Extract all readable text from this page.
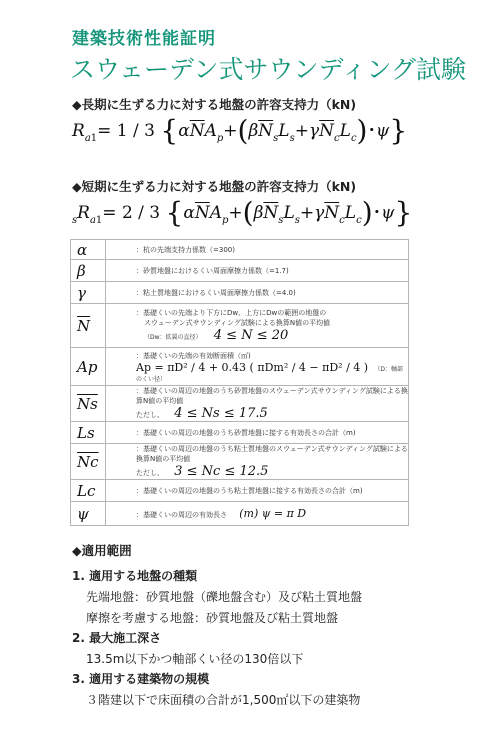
建築技術性能証明
スウェーデン式サウンディング試験
◆長期に生ずる力に対する地盤の許容支持力（kN)
$R_{a1}= 1 / 3$ {$\alpha\overline{N}A_p+(\beta\overline{N}_sL_s+\gamma\overline{N}_cL_c)$･ψ}
◆短期に生ずる力に対する地盤の許容支持力（kN)
$_sR_{a1}= 2 / 3$ {$\alpha\overline{N}A_p+(\beta\overline{N}_sL_s+\gamma\overline{N}_cL_c)$･ψ}
α	：杭の先端支持力係数（=300)
β	：砂質地盤におけるくい周面摩擦力係数（=1.7)
γ	：粘土質地盤におけるくい周面摩擦力係数（=4.0)
$\overline{N}$	：基礎くいの先端より下方にDw、上方にDwの範囲の地盤の
スウェーデン式サウンディング試験による換算N値の平均値
（Dw：拡翼の直径） 4 ≤ N ≤ 20

Ap	：基礎くいの先端の有効断面積（㎡)
Ap = πD² / 4 + 0.43 ( πDm² / 4 − πD² / 4 ) （D：軸部のくい径）

$\overline{Ns}$	：基礎くいの周辺の地盤のうち砂質地盤のスウェーデン式サウンディング試験による換算N値の平均値
ただし、 4 ≤ Ns ≤ 17.5

Ls	：基礎くいの周辺の地盤のうち砂質地盤に接する有効長さの合計（m)
$\overline{Nc}$	：基礎くいの周辺の地盤のうち粘土質地盤のスウェーデン式サウンディング試験による換算N値の平均値
ただし、 3 ≤ Nc ≤ 12.5

Lc	：基礎くいの周辺の地盤のうち粘土質地盤に接する有効長さの合計（m)
ψ	：基礎くいの周辺の有効長さ (m) ψ = π D
◆適用範囲
1. 適用する地盤の種類
先端地盤：砂質地盤（礫地盤含む）及び粘土質地盤
摩擦を考慮する地盤：砂質地盤及び粘土質地盤
2. 最大施工深さ
13.5m以下かつ軸部くい径の130倍以下
3. 適用する建築物の規模
３階建以下で床面積の合計が1,500㎡以下の建築物
